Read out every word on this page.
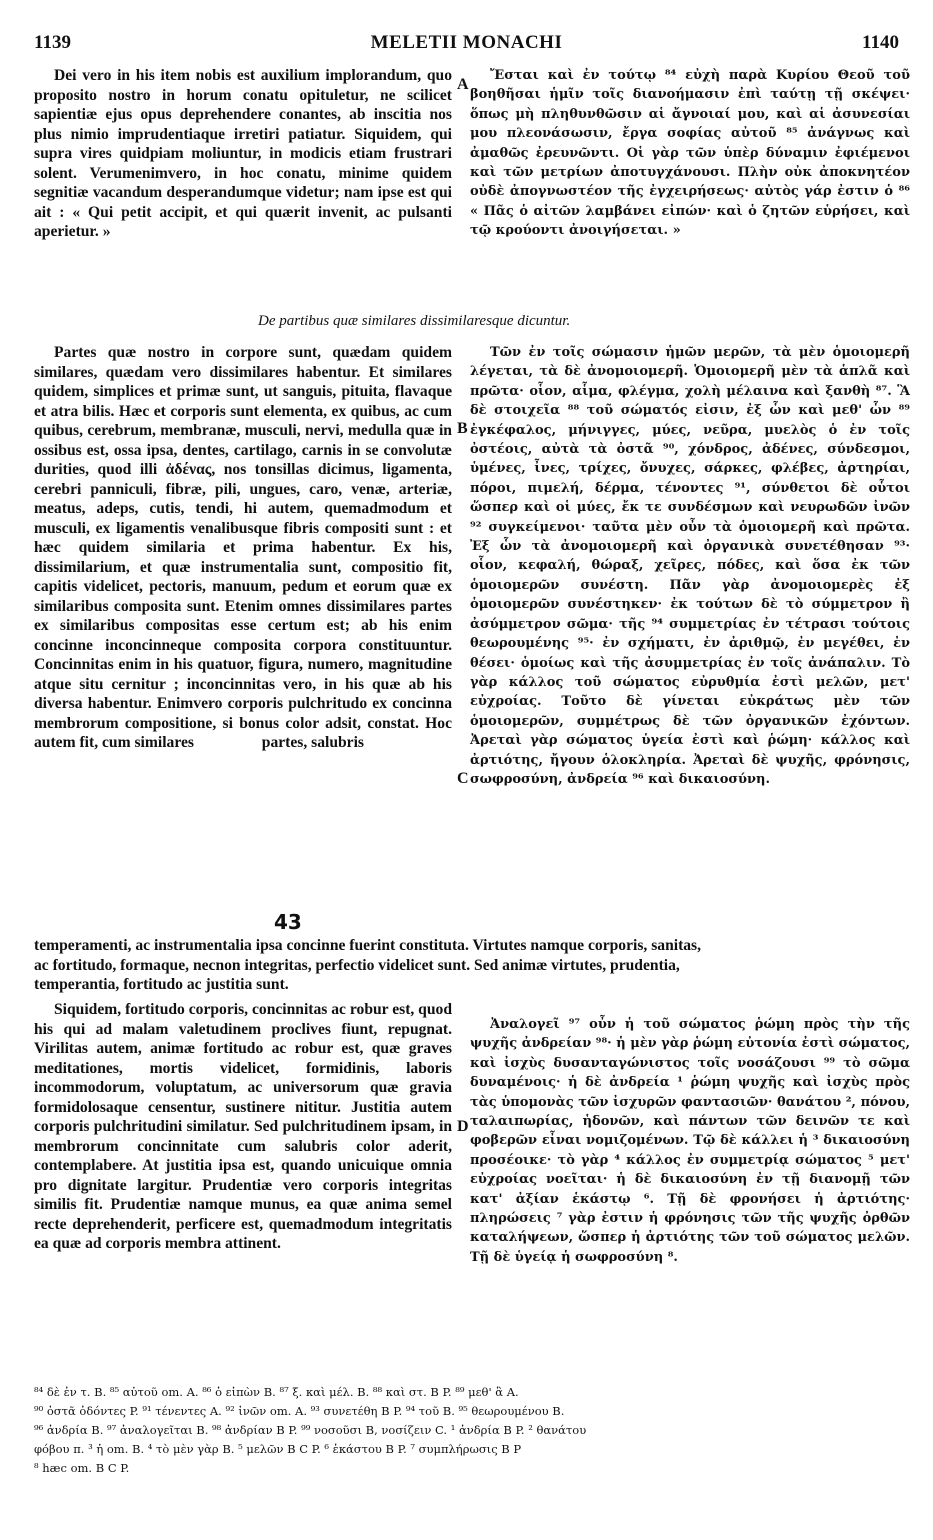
1139	MELETII MONACHI	1140

Dei vero in his item nobis est auxilium implorandum, quo proposito nostro in horum conatu opituletur, ne scilicet sapientiæ ejus opus deprehendere conantes, ab inscitia nos plus nimio imprudentiaque irretiri patiatur. Siquidem, qui supra vires quidpiam moliuntur, in modicis etiam frustrari solent. Verumenimvero, in hoc conatu, minime quidem segnitiæ vacandum desperandumque videtur; nam ipse est qui ait : « Qui petit accipit, et qui quærit invenit, ac pulsanti aperietur. »

Ἔσται καὶ ἐν τούτῳ ⁸⁴ εὐχὴ παρὰ Κυρίου Θεοῦ τοῦ βοηθῆσαι ἡμῖν τοῖς διανοήμασιν ἐπὶ ταύτῃ τῇ σκέψει· ὅπως μὴ πληθυνθῶσιν αἱ ἄγνοιαί μου, καὶ αἱ ἀσυνεσίαι μου πλεονάσωσιν, ἔργα σοφίας αὐτοῦ ⁸⁵ ἀνάγνως καὶ ἀμαθῶς ἐρευνῶντι. Οἱ γὰρ τῶν ὑπὲρ δύναμιν ἐφιέμενοι καὶ τῶν μετρίων ἀποτυγχάνουσι. Πλὴν οὐκ ἀποκνητέον οὐδὲ ἀπογνωστέον τῆς ἐγχειρήσεως· αὐτὸς γάρ ἐστιν ὁ ⁸⁶ « Πᾶς ὁ αἰτῶν λαμβάνει εἰπών· καὶ ὁ ζητῶν εὑρήσει, καὶ τῷ κρούοντι ἀνοιγήσεται. »

A
De partibus quæ similares dissimilaresque dicuntur.

Partes quæ nostro in corpore sunt, quædam quidem similares, quædam vero dissimilares habentur. Et similares quidem, simplices et primæ sunt, ut sanguis, pituita, flavaque et atra bilis. Hæc et corporis sunt elementa, ex quibus, ac cum quibus, cerebrum, membranæ, musculi, nervi, medulla quæ in ossibus est, ossa ipsa, dentes, cartilago, carnis in se convolutæ durities, quod illi ἀδένας, nos tonsillas dicimus, ligamenta, cerebri panniculi, fibræ, pili, ungues, caro, venæ, arteriæ, meatus, adeps, cutis, tendi, hi autem, quemadmodum et musculi, ex ligamentis venalibusque fibris compositi sunt : et hæc quidem similaria et prima habentur. Ex his, dissimilarium, et quæ instrumentalia sunt, compositio fit, capitis videlicet, pectoris, manuum, pedum et eorum quæ ex similaribus composita sunt. Etenim omnes dissimilares partes ex similaribus compositas esse certum est; ab his enim concinne inconcinneque composita corpora constituuntur. Concinnitas enim in his quatuor, figura, numero, magnitudine atque situ cernitur ; inconcinnitas vero, in his quæ ab his diversa habentur. Enimvero corporis pulchritudo ex concinna membrorum compositione, si bonus color adsit, constat. Hoc autem fit, cum similares	partes, salubris

Τῶν ἐν τοῖς σώμασιν ἡμῶν μερῶν, τὰ μὲν ὁμοιομερῆ λέγεται, τὰ δὲ ἀνομοιομερῆ. Ὁμοιομερῆ μὲν τὰ ἁπλᾶ καὶ πρῶτα· οἷον, αἷμα, φλέγμα, χολὴ μέλαινα καὶ ξανθὴ ⁸⁷. Ἃ δὲ στοιχεῖα ⁸⁸ τοῦ σώματός εἰσιν, ἐξ ὧν καὶ μεθ' ὧν ⁸⁹ ἐγκέφαλος, μήνιγγες, μύες, νεῦρα, μυελὸς ὁ ἐν τοῖς ὀστέοις, αὐτὰ τὰ ὀστᾶ ⁹⁰, χόνδρος, ἀδένες, σύνδεσμοι, ὑμένες, ἶνες, τρίχες, ὄνυχες, σάρκες, φλέβες, ἀρτηρίαι, πόροι, πιμελή, δέρμα, τένοντες ⁹¹, σύνθετοι δὲ οὗτοι ὥσπερ καὶ οἱ μύες, ἔκ τε συνδέσμων καὶ νευρωδῶν ἰνῶν ⁹² συγκείμενοι· ταῦτα μὲν οὖν τὰ ὁμοιομερῆ καὶ πρῶτα. Ἐξ ὧν τὰ ἀνομοιομερῆ καὶ ὀργανικὰ συνετέθησαν ⁹³· οἷον, κεφαλή, θώραξ, χεῖρες, πόδες, καὶ ὅσα ἐκ τῶν ὁμοιομερῶν συνέστη. Πᾶν γὰρ ἀνομοιομερὲς ἐξ ὁμοιομερῶν συνέστηκεν· ἐκ τούτων δὲ τὸ σύμμετρον ἢ ἀσύμμετρον σῶμα· τῆς ⁹⁴ συμμετρίας ἐν τέτρασι τούτοις θεωρουμένης ⁹⁵· ἐν σχήματι, ἐν ἀριθμῷ, ἐν μεγέθει, ἐν θέσει· ὁμοίως καὶ τῆς ἀσυμμετρίας ἐν τοῖς ἀνάπαλιν. Τὸ γὰρ κάλλος τοῦ σώματος εὐρυθμία ἐστὶ μελῶν, μετ' εὐχροίας. Τοῦτο δὲ γίνεται εὐκράτως μὲν τῶν ὁμοιομερῶν, συμμέτρως δὲ τῶν ὀργανικῶν ἐχόντων. Ἀρεταὶ γὰρ σώματος ὑγεία ἐστὶ καὶ ῥώμη· κάλλος καὶ ἀρτιότης, ἤγουν ὁλοκληρία. Ἀρεταὶ δὲ ψυχῆς, φρόνησις, σωφροσύνη, ἀνδρεία ⁹⁶ καὶ δικαιοσύνη.

B
C
43
temperamenti, ac instrumentalia ipsa concinne fuerint constituta. Virtutes namque corporis, sanitas,
ac fortitudo, formaque, necnon integritas, perfectio videlicet sunt. Sed animæ virtutes, prudentia,
temperantia, fortitudo ac justitia sunt.

Siquidem, fortitudo corporis, concinnitas ac robur est, quod his qui ad malam valetudinem proclives fiunt, repugnat. Virilitas autem, animæ fortitudo ac robur est, quæ graves meditationes, mortis videlicet, formidinis, laboris incommodorum, voluptatum, ac universorum quæ gravia formidolosaque censentur, sustinere nititur. Justitia autem corporis pulchritudini similatur. Sed pulchritudinem ipsam, in membrorum concinnitate cum salubris color aderit, contemplabere. At justitia ipsa est, quando unicuique omnia pro dignitate largitur. Prudentiæ vero corporis integritas similis fit. Prudentiæ namque munus, ea quæ anima semel recte deprehenderit, perficere est, quemadmodum integritatis ea quæ ad corporis membra attinent.

Ἀναλογεῖ ⁹⁷ οὖν ἡ τοῦ σώματος ῥώμη πρὸς τὴν τῆς ψυχῆς ἀνδρείαν ⁹⁸· ἡ μὲν γὰρ ῥώμη εὐτονία ἐστὶ σώματος, καὶ ἰσχὺς δυσανταγώνιστος τοῖς νοσάζουσι ⁹⁹ τὸ σῶμα δυναμένοις· ἡ δὲ ἀνδρεία ¹ ῥώμη ψυχῆς καὶ ἰσχὺς πρὸς τὰς ὑπομονὰς τῶν ἰσχυρῶν φαντασιῶν· θανάτου ², πόνου, ταλαιπωρίας, ἡδονῶν, καὶ πάντων τῶν δεινῶν τε καὶ φοβερῶν εἶναι νομιζομένων. Τῷ δὲ κάλλει ἡ ³ δικαιοσύνη προσέοικε· τὸ γὰρ ⁴ κάλλος ἐν συμμετρίᾳ σώματος ⁵ μετ' εὐχροίας νοεῖται· ἡ δὲ δικαιοσύνη ἐν τῇ διανομῇ τῶν κατ' ἀξίαν ἑκάστῳ ⁶. Τῇ δὲ φρονήσει ἡ ἀρτιότης· πληρώσεις ⁷ γὰρ ἐστιν ἡ φρόνησις τῶν τῆς ψυχῆς ὀρθῶν καταλήψεων, ὥσπερ ἡ ἀρτιότης τῶν τοῦ σώματος μελῶν. Τῇ δὲ ὑγείᾳ ἡ σωφροσύνη ⁸.

D
⁸⁴ δὲ ἐν τ. B. ⁸⁵ αὐτοῦ om. A. ⁸⁶ ὁ εἰπὼν B. ⁸⁷ ξ. καὶ μέλ. B. ⁸⁸ καὶ στ. B P. ⁸⁹ μεθ' ἃ A.
⁹⁰ ὀστᾶ ὀδόντες P. ⁹¹ τένεντες A. ⁹² ἰνῶν om. A. ⁹³ συνετέθη B P. ⁹⁴ τοῦ B. ⁹⁵ θεωρουμένου B.
⁹⁶ ἀνδρία B. ⁹⁷ ἀναλογεῖται B. ⁹⁸ ἀνδρίαν B P. ⁹⁹ νοσοῦσι B, νοσίζειν C. ¹ ἀνδρία B P. ² θανάτου
φόβου π. ³ ἡ om. B. ⁴ τὸ μὲν γὰρ B. ⁵ μελῶν B C P. ⁶ ἑκάστου B P. ⁷ συμπλήρωσις B P
⁸ hæc om. B C P.
